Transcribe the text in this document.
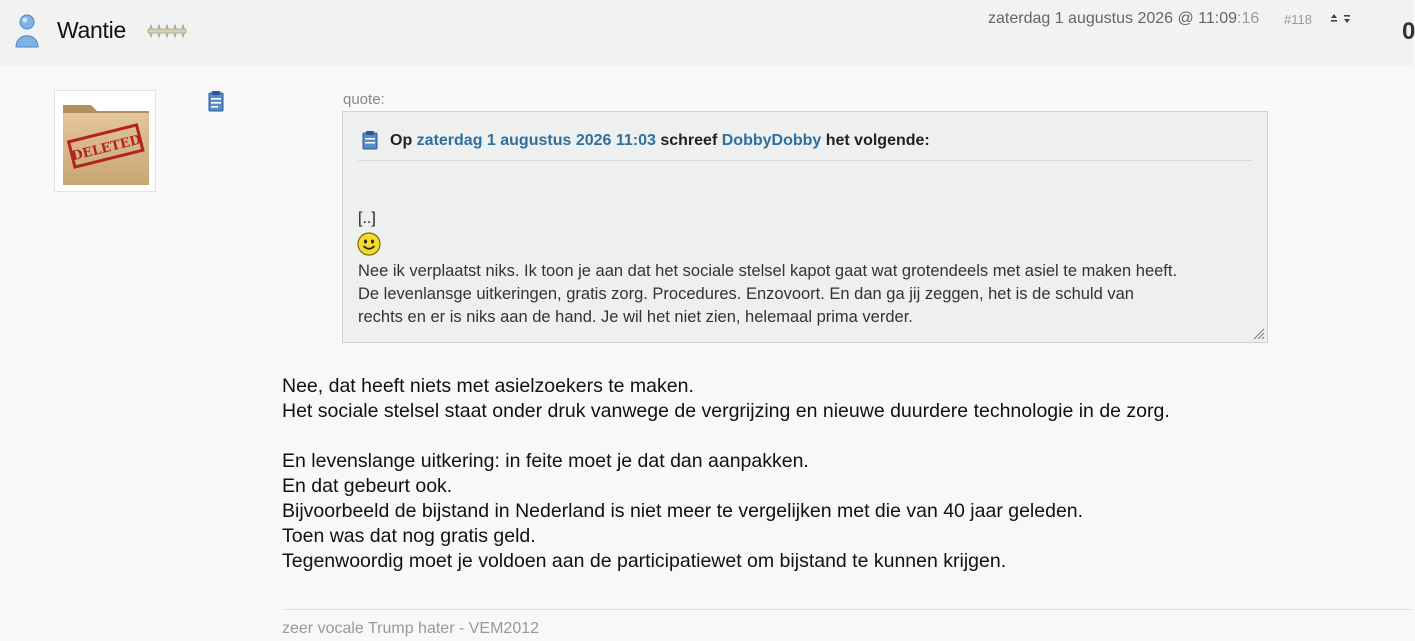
Wantie	zaterdag 1 augustus 2026 @ 11:09:16 #118	0
DELETED
quote:
Op zaterdag 1 augustus 2026 11:03 schreef DobbyDobby het volgende:
[..]
Nee ik verplaatst niks. Ik toon je aan dat het sociale stelsel kapot gaat wat grotendeels met asiel te maken heeft.
De levenlansge uitkeringen, gratis zorg. Procedures. Enzovoort. En dan ga jij zeggen, het is de schuld van
rechts en er is niks aan de hand. Je wil het niet zien, helemaal prima verder.
Nee, dat heeft niets met asielzoekers te maken.
Het sociale stelsel staat onder druk vanwege de vergrijzing en nieuwe duurdere technologie in de zorg.
En levenslange uitkering: in feite moet je dat dan aanpakken.
En dat gebeurt ook.
Bijvoorbeeld de bijstand in Nederland is niet meer te vergelijken met die van 40 jaar geleden.
Toen was dat nog gratis geld.
Tegenwoordig moet je voldoen aan de participatiewet om bijstand te kunnen krijgen.
zeer vocale Trump hater - VEM2012
